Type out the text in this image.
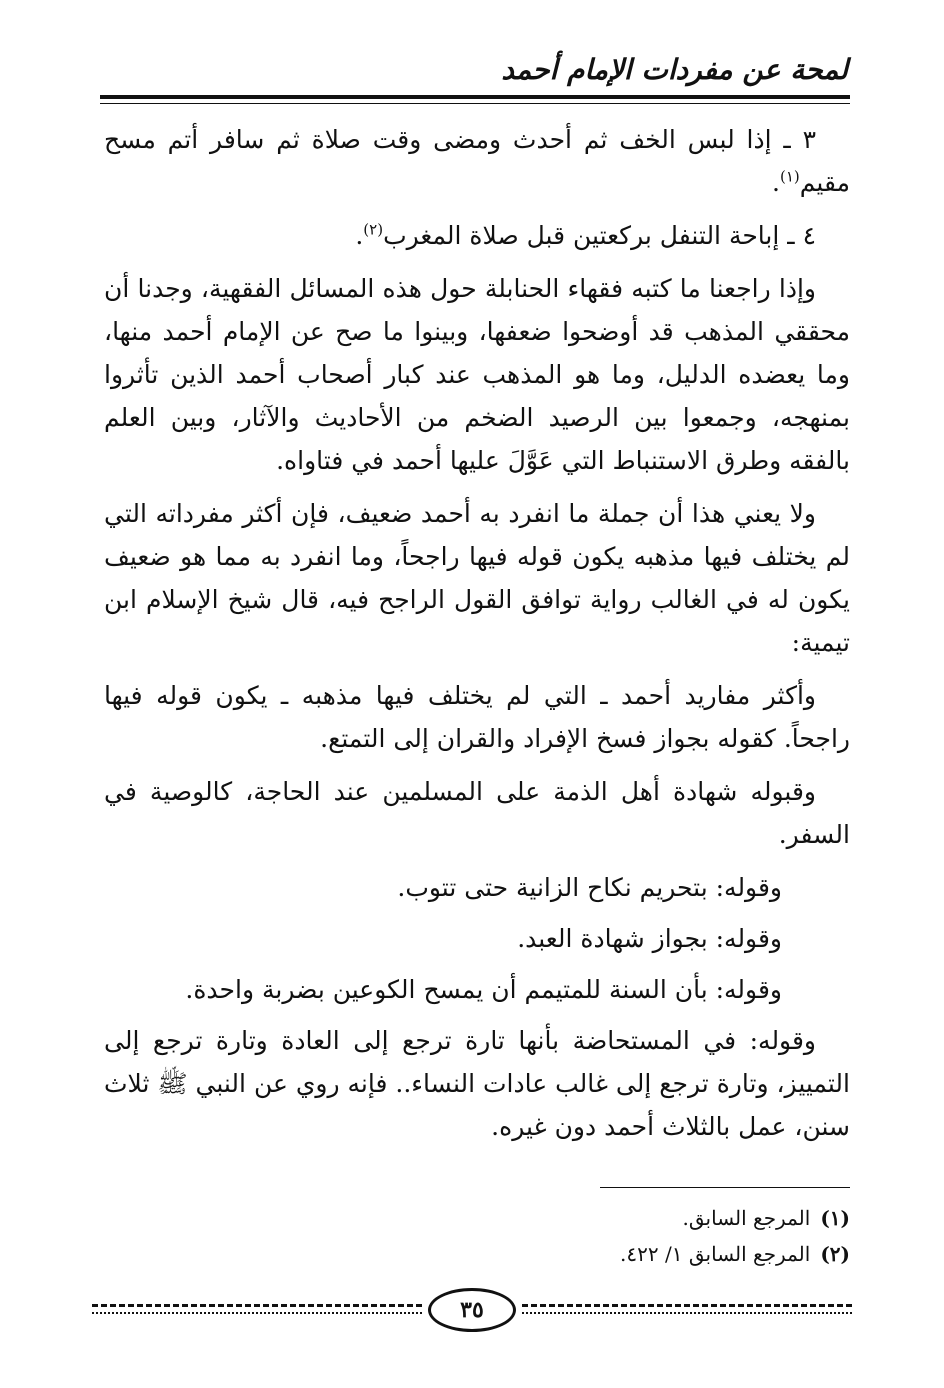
لمحة عن مفردات الإمام أحمد

٣ ـ إذا لبس الخف ثم أحدث ومضى وقت صلاة ثم سافر أتم مسح مقيم$^{(١)}$.

٤ ـ إباحة التنفل بركعتين قبل صلاة المغرب$^{(٢)}$.

وإذا راجعنا ما كتبه فقهاء الحنابلة حول هذه المسائل الفقهية، وجدنا أن محققي المذهب قد أوضحوا ضعفها، وبينوا ما صح عن الإمام أحمد منها، وما يعضده الدليل، وما هو المذهب عند كبار أصحاب أحمد الذين تأثروا بمنهجه، وجمعوا بين الرصيد الضخم من الأحاديث والآثار، وبين العلم بالفقه وطرق الاستنباط التي عَوَّلَ عليها أحمد في فتاواه.

ولا يعني هذا أن جملة ما انفرد به أحمد ضعيف، فإن أكثر مفرداته التي لم يختلف فيها مذهبه يكون قوله فيها راجحاً، وما انفرد به مما هو ضعيف يكون له في الغالب رواية توافق القول الراجح فيه، قال شيخ الإسلام ابن تيمية:

وأكثر مفاريد أحمد ـ التي لم يختلف فيها مذهبه ـ يكون قوله فيها راجحاً. كقوله بجواز فسخ الإفراد والقران إلى التمتع.

وقبوله شهادة أهل الذمة على المسلمين عند الحاجة، كالوصية في السفر.

وقوله: بتحريم نكاح الزانية حتى تتوب.

وقوله: بجواز شهادة العبد.

وقوله: بأن السنة للمتيمم أن يمسح الكوعين بضربة واحدة.

وقوله: في المستحاضة بأنها تارة ترجع إلى العادة وتارة ترجع إلى التمييز، وتارة ترجع إلى غالب عادات النساء.. فإنه روي عن النبي ﷺ ثلاث سنن، عمل بالثلاث أحمد دون غيره.

(١)المرجع السابق.

(٢)المرجع السابق ١/ ٤٢٢.

٣٥
